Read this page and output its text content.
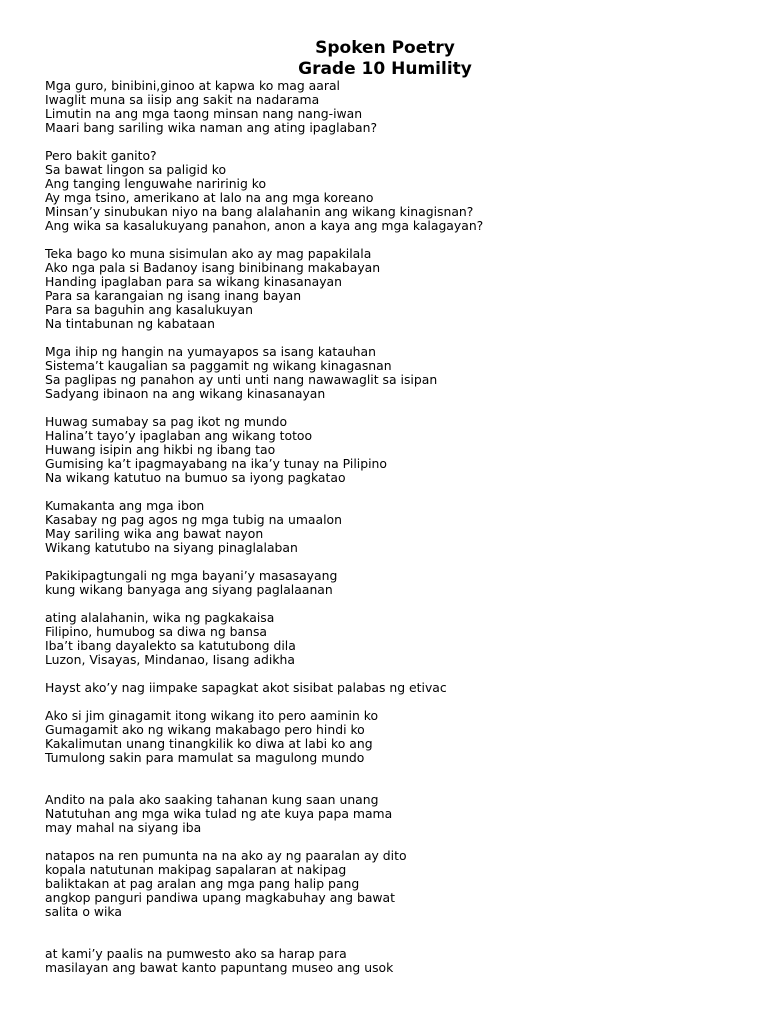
Spoken Poetry
Grade 10 Humility
Mga guro, binibini,ginoo at kapwa ko mag aaral
Iwaglit muna sa iisip ang sakit na nadarama
Limutin na ang mga taong minsan nang nang-iwan
Maari bang sariling wika naman ang ating ipaglaban?
Pero bakit ganito?
Sa bawat lingon sa paligid ko
Ang tanging lenguwahe naririnig ko
Ay mga tsino, amerikano at lalo na ang mga koreano
Minsan’y sinubukan niyo na bang alalahanin ang wikang kinagisnan?
Ang wika sa kasalukuyang panahon, anon a kaya ang mga kalagayan?
Teka bago ko muna sisimulan ako ay mag papakilala
Ako nga pala si Badanoy isang binibinang makabayan
Handing ipaglaban para sa wikang kinasanayan
Para sa karangaian ng isang inang bayan
Para sa baguhin ang kasalukuyan
Na tintabunan ng kabataan
Mga ihip ng hangin na yumayapos sa isang katauhan
Sistema’t kaugalian sa paggamit ng wikang kinagasnan
Sa paglipas ng panahon ay unti unti nang nawawaglit sa isipan
Sadyang ibinaon na ang wikang kinasanayan
Huwag sumabay sa pag ikot ng mundo
Halina’t tayo’y ipaglaban ang wikang totoo
Huwang isipin ang hikbi ng ibang tao
Gumising ka’t ipagmayabang na ika’y tunay na Pilipino
Na wikang katutuo na bumuo sa iyong pagkatao
Kumakanta ang mga ibon
Kasabay ng pag agos ng mga tubig na umaalon
May sariling wika ang bawat nayon
Wikang katutubo na siyang pinaglalaban
Pakikipagtungali ng mga bayani’y masasayang
kung wikang banyaga ang siyang paglalaanan
ating alalahanin, wika ng pagkakaisa
Filipino, humubog sa diwa ng bansa
Iba’t ibang dayalekto sa katutubong dila
Luzon, Visayas, Mindanao, Iisang adikha
Hayst ako’y nag iimpake sapagkat akot sisibat palabas ng etivac
Ako si jim ginagamit itong wikang ito pero aaminin ko
Gumagamit ako ng wikang makabago pero hindi ko
Kakalimutan unang tinangkilik ko diwa at labi ko ang
Tumulong sakin para mamulat sa magulong mundo
Andito na pala ako saaking tahanan kung saan unang
Natutuhan ang mga wika tulad ng ate kuya papa mama
may mahal na siyang iba
natapos na ren pumunta na na ako ay ng paaralan ay dito
kopala natutunan makipag sapalaran at nakipag
baliktakan at pag aralan ang mga pang halip pang
angkop panguri pandiwa upang magkabuhay ang bawat
salita o wika
at kami’y paalis na pumwesto ako sa harap para
masilayan ang bawat kanto papuntang museo ang usok
